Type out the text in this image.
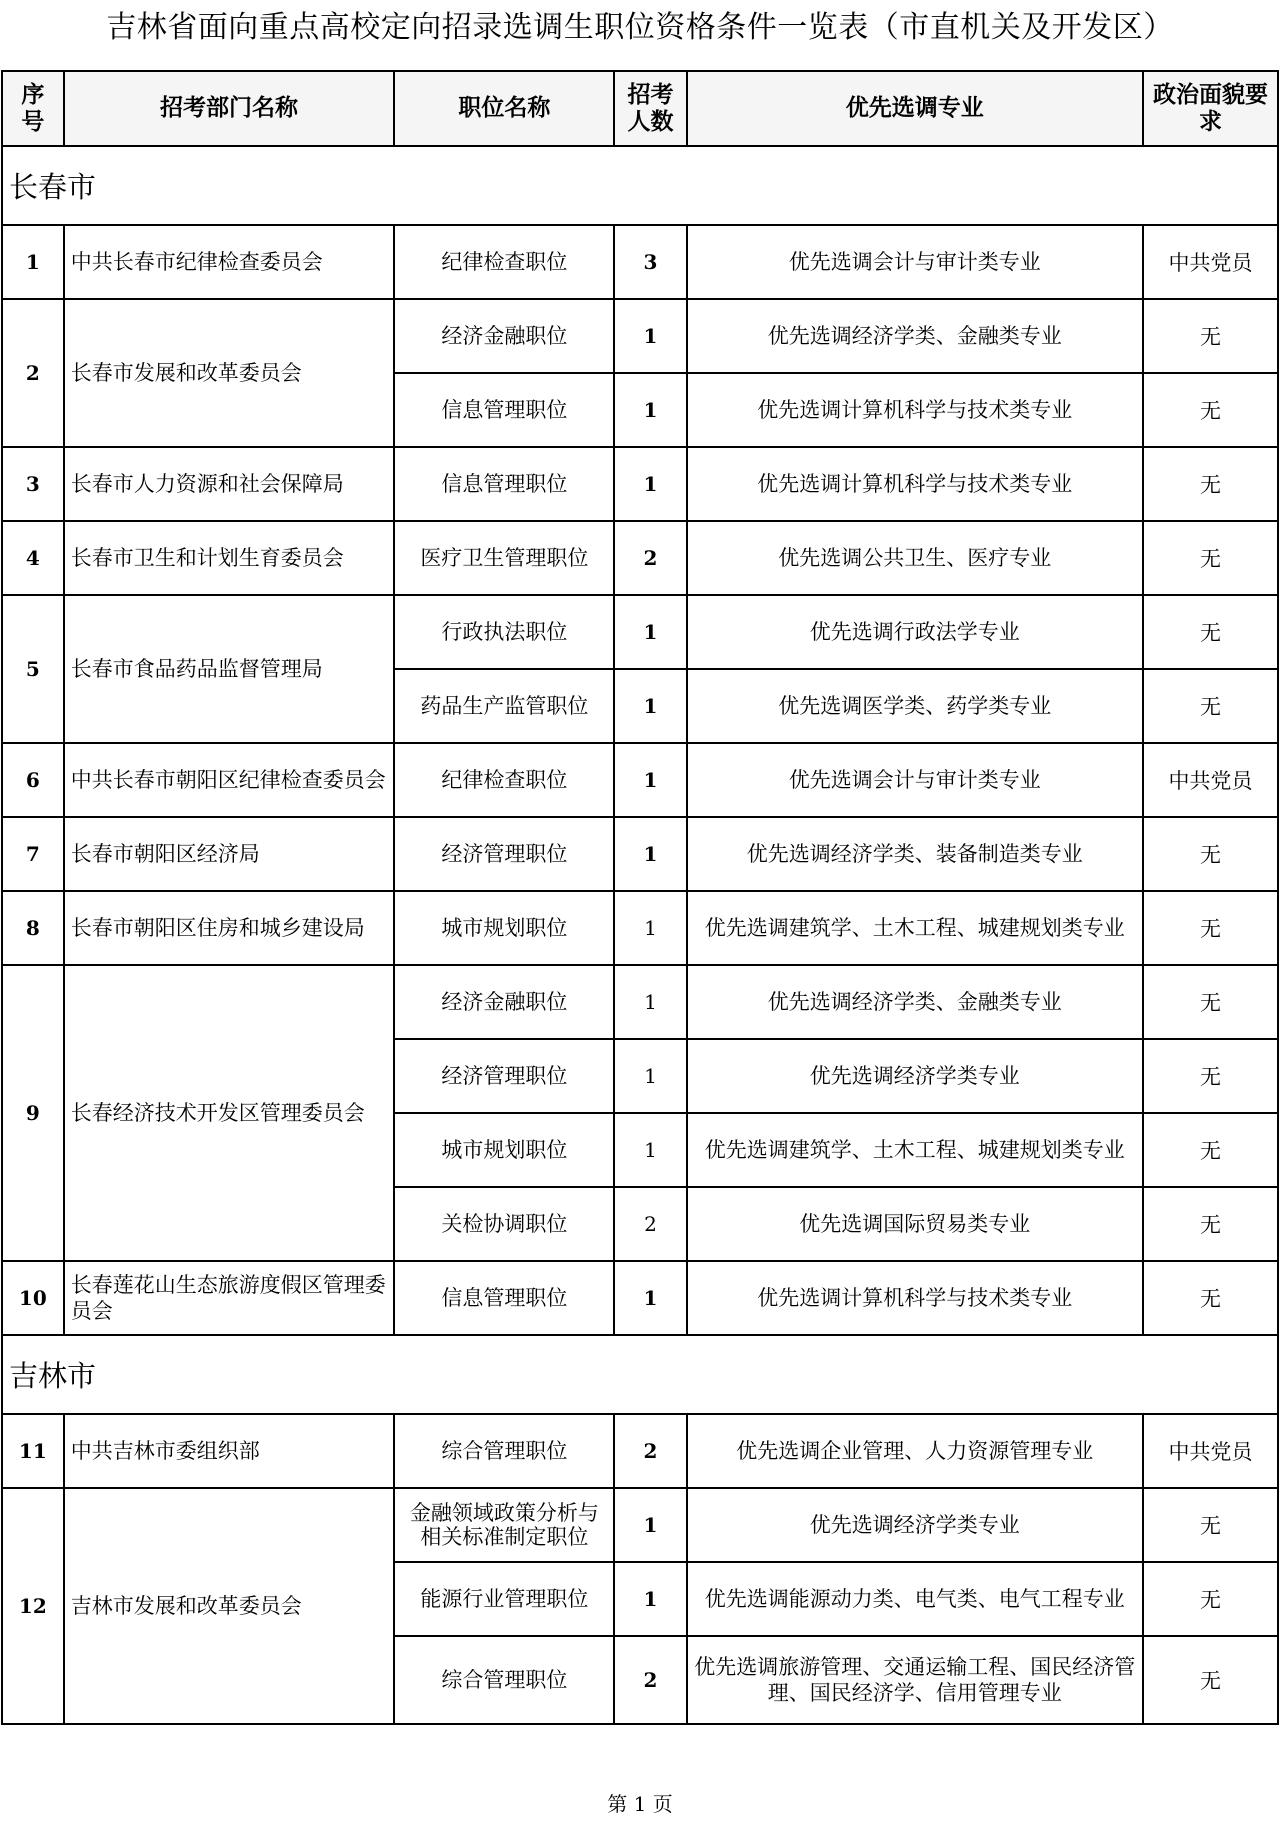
吉林省面向重点高校定向招录选调生职位资格条件一览表（市直机关及开发区）
序号	招考部门名称	职位名称	招考人数	优先选调专业	政治面貌要求
长春市					
1	中共长春市纪律检查委员会	纪律检查职位	3	优先选调会计与审计类专业	中共党员
2	长春市发展和改革委员会	经济金融职位	1	优先选调经济学类、金融类专业	无
		信息管理职位	1	优先选调计算机科学与技术类专业	无
3	长春市人力资源和社会保障局	信息管理职位	1	优先选调计算机科学与技术类专业	无
4	长春市卫生和计划生育委员会	医疗卫生管理职位	2	优先选调公共卫生、医疗专业	无
5	长春市食品药品监督管理局	行政执法职位	1	优先选调行政法学专业	无
		药品生产监管职位	1	优先选调医学类、药学类专业	无
6	中共长春市朝阳区纪律检查委员会	纪律检查职位	1	优先选调会计与审计类专业	中共党员
7	长春市朝阳区经济局	经济管理职位	1	优先选调经济学类、装备制造类专业	无
8	长春市朝阳区住房和城乡建设局	城市规划职位	1	优先选调建筑学、土木工程、城建规划类专业	无
9	长春经济技术开发区管理委员会	经济金融职位	1	优先选调经济学类、金融类专业	无
		经济管理职位	1	优先选调经济学类专业	无
		城市规划职位	1	优先选调建筑学、土木工程、城建规划类专业	无
		关检协调职位	2	优先选调国际贸易类专业	无
10	长春莲花山生态旅游度假区管理委员会	信息管理职位	1	优先选调计算机科学与技术类专业	无
吉林市					
11	中共吉林市委组织部	综合管理职位	2	优先选调企业管理、人力资源管理专业	中共党员
12	吉林市发展和改革委员会	金融领域政策分析与相关标准制定职位	1	优先选调经济学类专业	无
		能源行业管理职位	1	优先选调能源动力类、电气类、电气工程专业	无
		综合管理职位	2	优先选调旅游管理、交通运输工程、国民经济管理、国民经济学、信用管理专业	无
第 1 页
